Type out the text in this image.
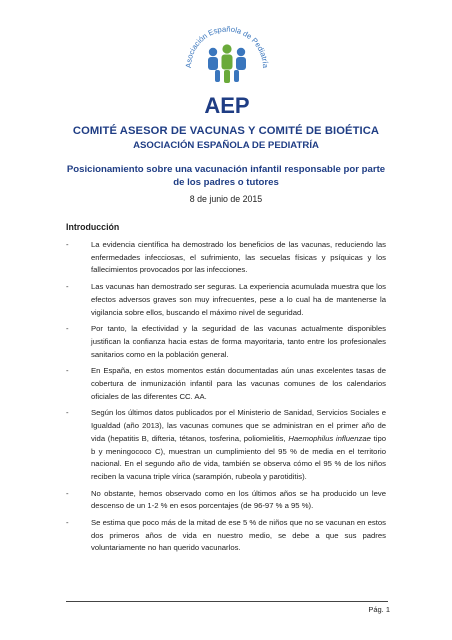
Asociación Española de Pediatría
AEP
COMITÉ ASESOR DE VACUNAS Y COMITÉ DE BIOÉTICA
ASOCIACIÓN ESPAÑOLA DE PEDIATRÍA
Posicionamiento sobre una vacunación infantil responsable por parte
de los padres o tutores
8 de junio de 2015
Introducción
-	La evidencia científica ha demostrado los beneficios de las vacunas, reduciendo las enfermedades infecciosas, el sufrimiento, las secuelas físicas y psíquicas y los fallecimientos provocados por las infecciones.
-	Las vacunas han demostrado ser seguras. La experiencia acumulada muestra que los efectos adversos graves son muy infrecuentes, pese a lo cual ha de mantenerse la vigilancia sobre ellos, buscando el máximo nivel de seguridad.
-	Por tanto, la efectividad y la seguridad de las vacunas actualmente disponibles justifican la confianza hacia estas de forma mayoritaria, tanto entre los profesionales sanitarios como en la población general.
-	En España, en estos momentos están documentadas aún unas excelentes tasas de cobertura de inmunización infantil para las vacunas comunes de los calendarios oficiales de las diferentes CC. AA.
-	Según los últimos datos publicados por el Ministerio de Sanidad, Servicios Sociales e Igualdad (año 2013), las vacunas comunes que se administran en el primer año de vida (hepatitis B, difteria, tétanos, tosferina, poliomielitis, Haemophilus influenzae tipo b y meningococo C), muestran un cumplimiento del 95 % de media en el territorio nacional. En el segundo año de vida, también se observa cómo el 95 % de los niños reciben la vacuna triple vírica (sarampión, rubeola y parotiditis).
-	No obstante, hemos observado como en los últimos años se ha producido un leve descenso de un 1-2 % en esos porcentajes (de 96-97 % a 95 %).
-	Se estima que poco más de la mitad de ese 5 % de niños que no se vacunan en estos dos primeros años de vida en nuestro medio, se debe a que sus padres voluntariamente no han querido vacunarlos.
Pág. 1
